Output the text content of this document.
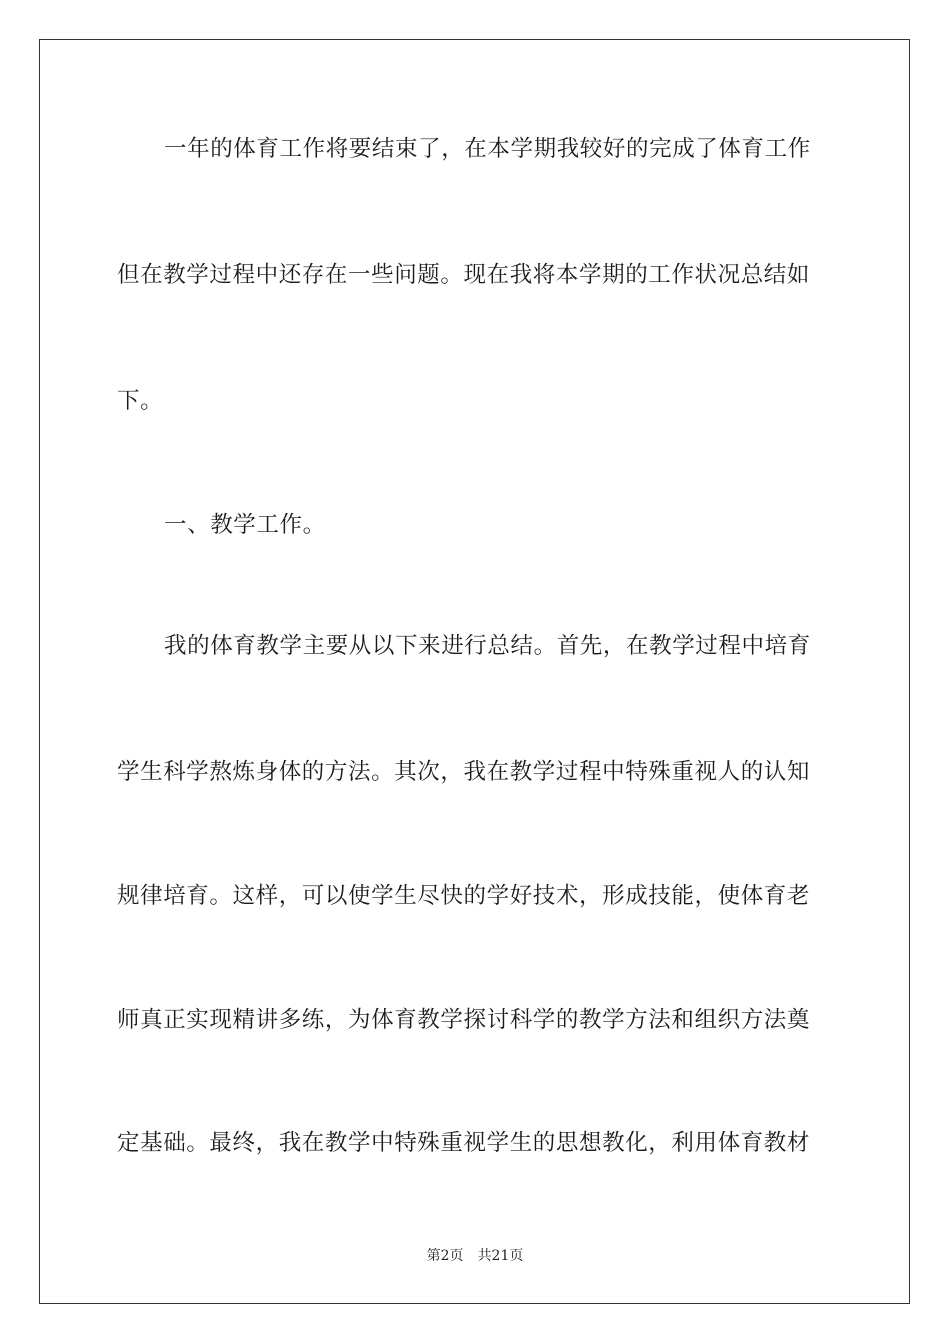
一年的体育工作将要结束了，在本学期我较好的完成了体育工作
但在教学过程中还存在一些问题。现在我将本学期的工作状况总结如
下。
一、教学工作。
我的体育教学主要从以下来进行总结。首先，在教学过程中培育
学生科学熬炼身体的方法。其次，我在教学过程中特殊重视人的认知
规律培育。这样，可以使学生尽快的学好技术，形成技能，使体育老
师真正实现精讲多练，为体育教学探讨科学的教学方法和组织方法奠
定基础。最终，我在教学中特殊重视学生的思想教化，利用体育教材
第2页 共21页
